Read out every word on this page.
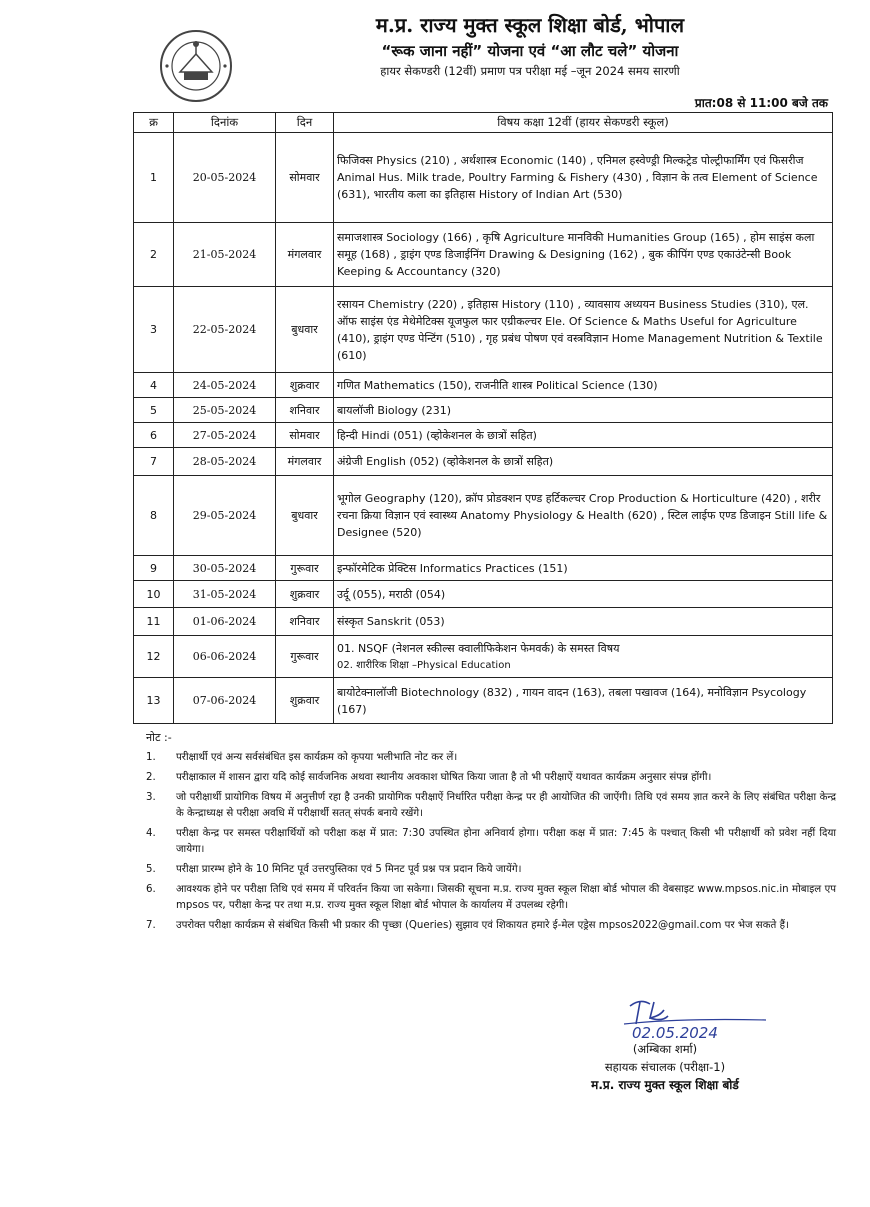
म.प्र. राज्य मुक्त स्कूल शिक्षा बोर्ड, भोपाल
“रूक जाना नहीं” योजना एवं “आ लौट चले” योजना
हायर सेकण्डरी (12वीं) प्रमाण पत्र परीक्षा मई –जून 2024 समय सारणी
प्रात:08 से 11:00 बजे तक
क्र	दिनांक	दिन	विषय कक्षा 12वीं (हायर सेकण्डरी स्कूल)
1	20-05-2024	सोमवार	फिजिक्स Physics (210) , अर्थशास्त्र Economic (140) , एनिमल हस्वेण्ड्री मिल्कट्रेड पोल्ट्रीफार्मिंग एवं फिसरीज Animal Hus. Milk trade, Poultry Farming & Fishery (430) , विज्ञान के तत्व Element of Science (631), भारतीय कला का इतिहास History of Indian Art (530)
2	21-05-2024	मंगलवार	समाजशास्त्र Sociology (166) , कृषि Agriculture मानविकी Humanities Group (165) , होम साइंस कला समूह (168) , ड्राइंग एण्ड डिजाईनिंग Drawing & Designing (162) , बुक कीपिंग एण्ड एकाउंटेन्सी Book Keeping & Accountancy (320)
3	22-05-2024	बुधवार	रसायन Chemistry (220) , इतिहास History (110) , व्यावसाय अध्ययन Business Studies (310), एल. ऑफ साइंस एंड मेथेमेटिक्स यूजफुल फार एग्रीकल्चर Ele. Of Science & Maths Useful for Agriculture (410), ड्राइंग एण्ड पेन्टिंग (510) , गृह प्रबंध पोषण एवं वस्त्रविज्ञान Home Management Nutrition & Textile (610)
4	24-05-2024	शुक्रवार	गणित Mathematics (150), राजनीति शास्त्र Political Science (130)
5	25-05-2024	शनिवार	बायलॉजी Biology (231)
6	27-05-2024	सोमवार	हिन्दी Hindi (051) (व्होकेशनल के छात्रों सहित)
7	28-05-2024	मंगलवार	अंग्रेजी English (052) (व्होकेशनल के छात्रों सहित)
8	29-05-2024	बुधवार	भूगोल Geography (120), क्रॉप प्रोडक्शन एण्ड हर्टिकल्चर Crop Production & Horticulture (420) , शरीर रचना क्रिया विज्ञान एवं स्वास्थ्य Anatomy Physiology & Health (620) , स्टिल लाईफ एण्ड डिजाइन Still life & Designee (520)
9	30-05-2024	गुरूवार	इन्फॉरमेटिक प्रेक्टिस Informatics Practices (151)
10	31-05-2024	शुक्रवार	उर्दू (055), मराठी (054)
11	01-06-2024	शनिवार	संस्कृत Sanskrit (053)
12	06-06-2024	गुरूवार	01. NSQF (नेशनल स्कील्स क्वालीफिकेशन फेमवर्क) के समस्त विषय
02. शारीरिक शिक्षा –Physical Education

13	07-06-2024	शुक्रवार	बायोटेक्नालॉजी Biotechnology (832) , गायन वादन (163), तबला पखावज (164), मनोविज्ञान Psycology (167)
नोट :-
1.	परीक्षार्थी एवं अन्य सर्वसंबंधित इस कार्यक्रम को कृपया भलीभाति नोट कर लें।
2.	परीक्षाकाल में शासन द्वारा यदि कोई सार्वजनिक अथवा स्थानीय अवकाश घोषित किया जाता है तो भी परीक्षाऐं यथावत कार्यक्रम अनुसार संपन्न होंगी।
3.	जो परीक्षार्थी प्रायोगिक विषय में अनुत्तीर्ण रहा है उनकी प्रायोगिक परीक्षाऐं निर्धारित परीक्षा केन्द्र पर ही आयोजित की जाऐंगी। तिथि एवं समय ज्ञात करने के लिए संबंधित परीक्षा केन्द्र के केन्द्राध्यक्ष से परीक्षा अवधि में परीक्षार्थी सतत् संपर्क बनाये रखेंगे।
4.	परीक्षा केन्द्र पर समस्त परीक्षार्थियों को परीक्षा कक्ष में प्रात: 7:30 उपस्थित होना अनिवार्य होगा। परीक्षा कक्ष में प्रात: 7:45 के पश्चात् किसी भी परीक्षार्थी को प्रवेश नहीं दिया जायेगा।
5.	परीक्षा प्रारम्भ होने के 10 मिनिट पूर्व उत्तरपुस्तिका एवं 5 मिनट पूर्व प्रश्न पत्र प्रदान किये जायेंगे।
6.	आवश्यक होने पर परीक्षा तिथि एवं समय में परिवर्तन किया जा सकेगा। जिसकी सूचना म.प्र. राज्य मुक्त स्कूल शिक्षा बोर्ड भोपाल की वेबसाइट www.mpsos.nic.in मोबाइल एप mpsos पर, परीक्षा केन्द्र पर तथा म.प्र. राज्य मुक्त स्कूल शिक्षा बोर्ड भोपाल के कार्यालय में उपलब्ध रहेगी।
7.	उपरोक्त परीक्षा कार्यक्रम से संबंधित किसी भी प्रकार की पृच्छा (Queries) सुझाव एवं शिकायत हमारे ई-मेल एड्रेस mpsos2022@gmail.com पर भेज सकते हैं।
02.05.2024
(अम्बिका शर्मा)
सहायक संचालक (परीक्षा-1)
म.प्र. राज्य मुक्त स्कूल शिक्षा बोर्ड
